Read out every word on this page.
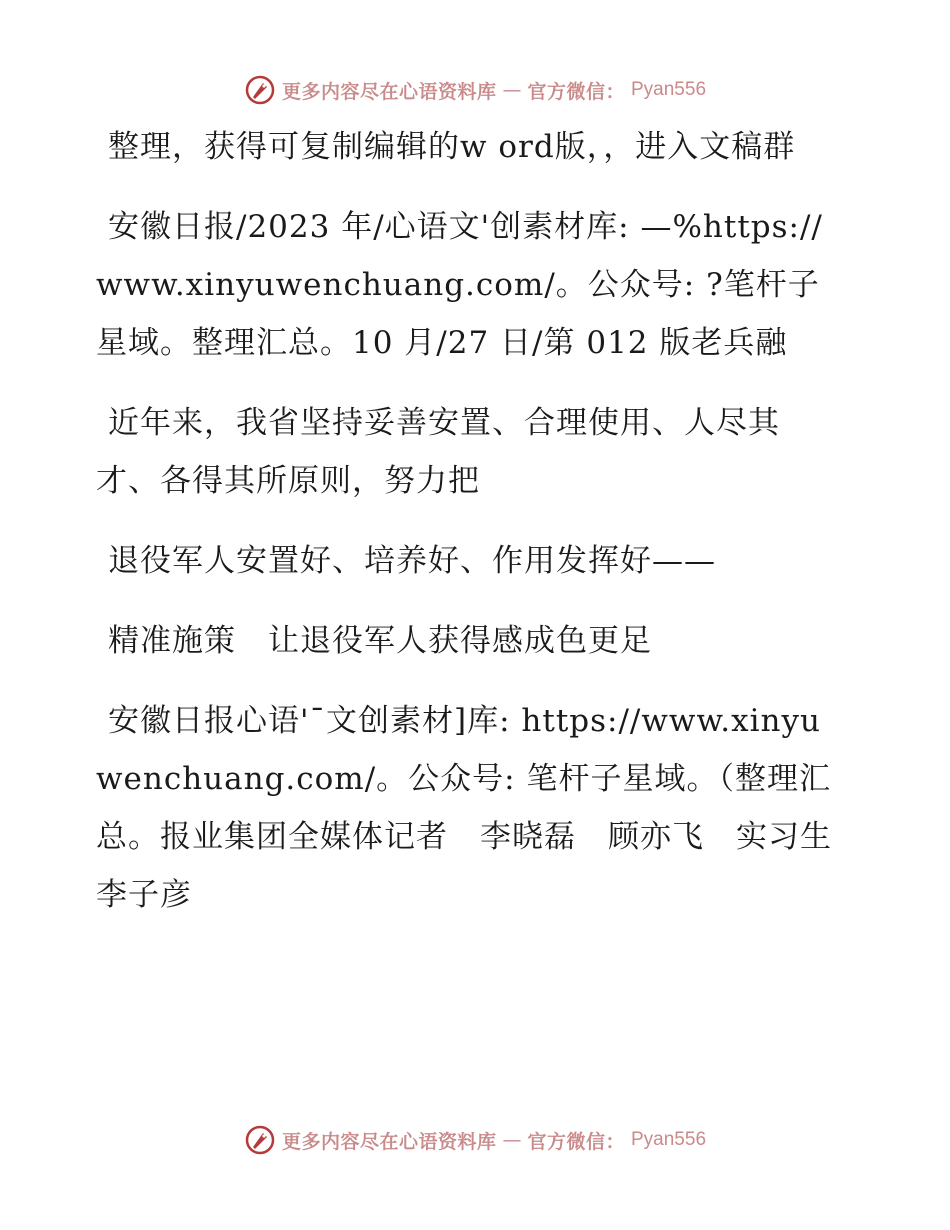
更多内容尽在心语资料库 — 官方微信： Pyan556

整理，获得可复制编辑的w ord版，，进入文稿群

安徽日报/2023 年/心语文'创素材库: —%https://www.xinyuwenchuang.com/。公众号: ?笔杆子星域。整理汇总。10 月/27 日/第 012 版老兵融

近年来，我省坚持妥善安置、合理使用、人尽其才、各得其所原则，努力把

退役军人安置好、培养好、作用发挥好——

精准施策　让退役军人获得感成色更足

安徽日报心语'¯文创素材]库: https://www.xinyuwenchuang.com/。公众号: 笔杆子星域。（整理汇总。报业集团全媒体记者　李晓磊　顾亦飞　实习生　李子彦

更多内容尽在心语资料库 — 官方微信： Pyan556
